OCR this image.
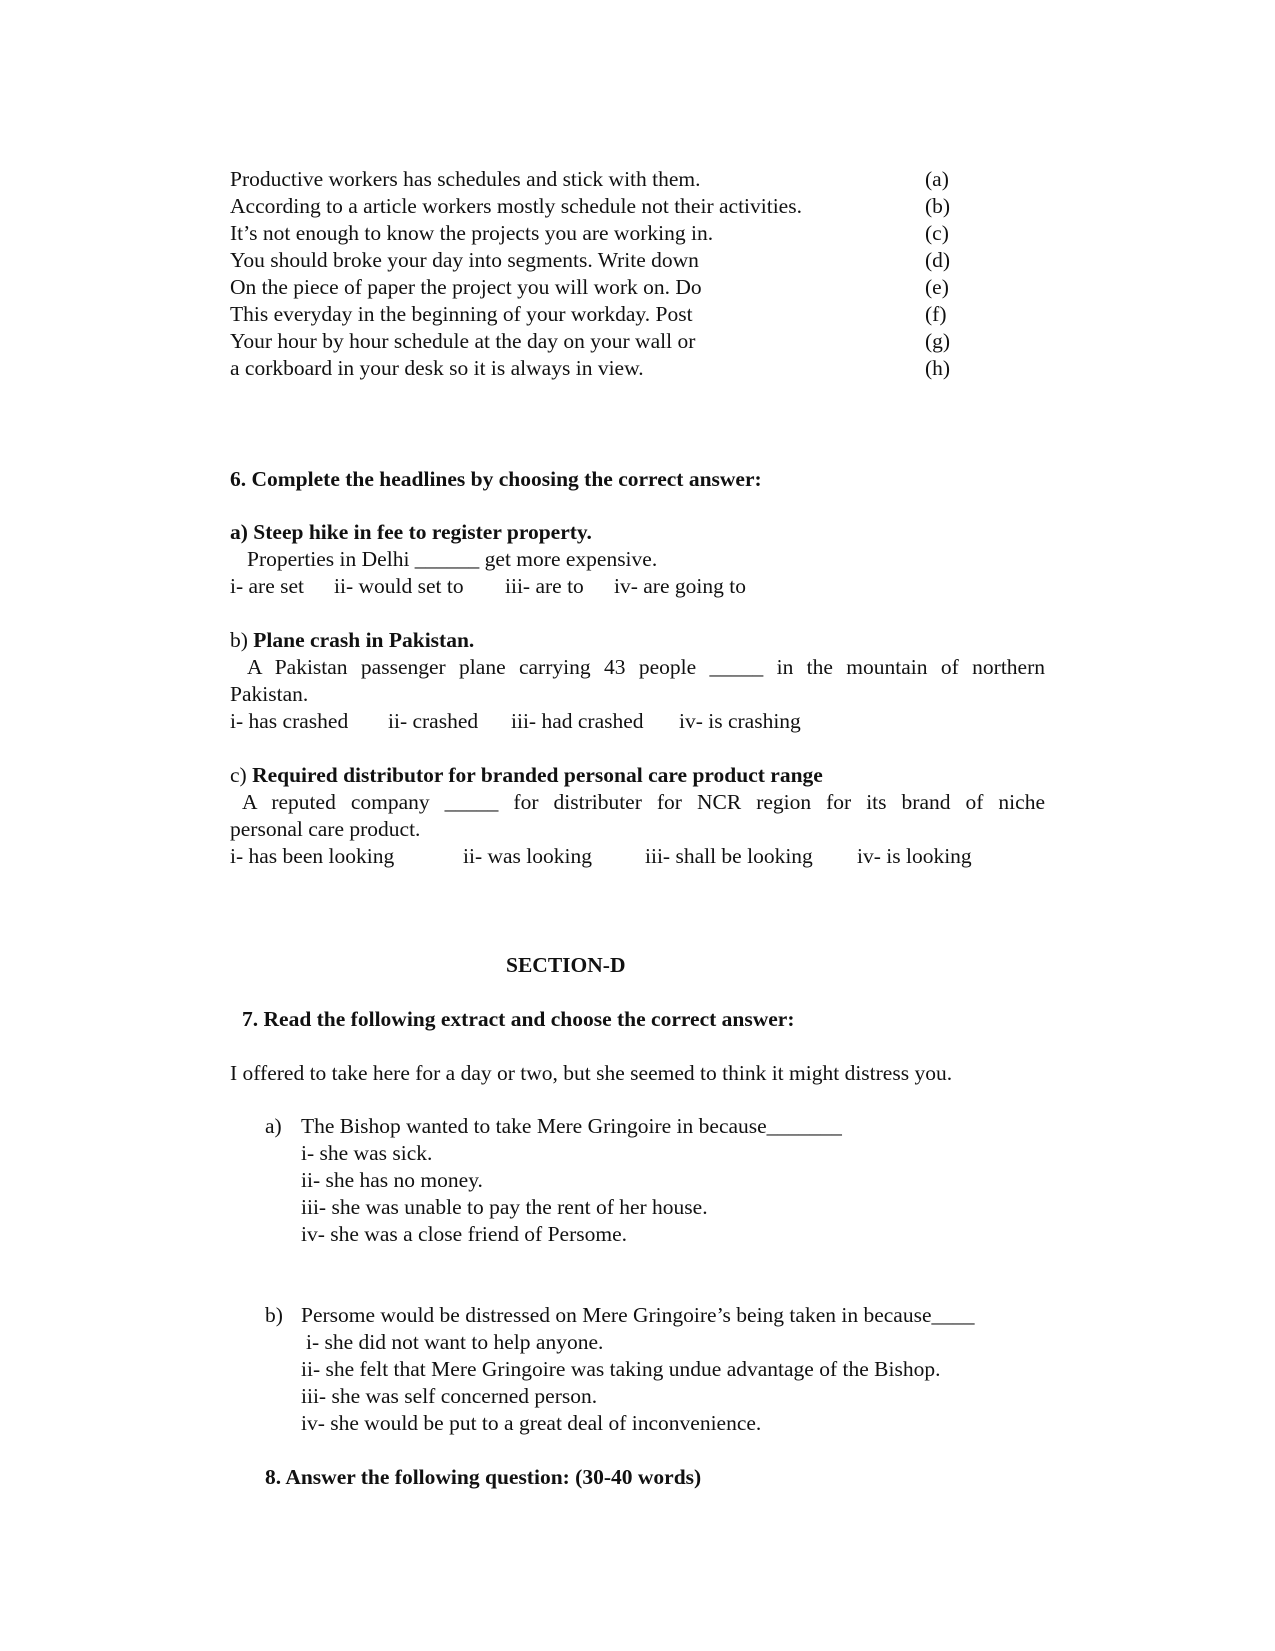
Productive workers has schedules and stick with them.	(a)
According to a article workers mostly schedule not their activities.	(b)
It’s not enough to know the projects you are working in.	(c)
You should broke your day into segments. Write down	(d)
On the piece of paper the project you will work on. Do	(e)
This everyday in the beginning of your workday. Post	(f)
Your hour by hour schedule at the day on your wall or	(g)
a corkboard in your desk so it is always in view.	(h)
6. Complete the headlines by choosing the correct answer:
a) Steep hike in fee to register property.
Properties in Delhi ______ get more expensive.
i- are set ii- would set to iii- are to iv- are going to
b) Plane crash in Pakistan.
A Pakistan passenger plane carrying 43 people _____ in the mountain of northern
Pakistan.
i- has crashed ii- crashed iii- had crashed iv- is crashing
c) Required distributor for branded personal care product range
A reputed company _____ for distributer for NCR region for its brand of niche
personal care product.
i- has been looking	ii- was looking iii- shall be looking iv- is looking
SECTION-D
7. Read the following extract and choose the correct answer:
I offered to take here for a day or two, but she seemed to think it might distress you.
a) The Bishop wanted to take Mere Gringoire in because_______
i- she was sick.
ii- she has no money.
iii- she was unable to pay the rent of her house.
iv- she was a close friend of Persome.
b) Persome would be distressed on Mere Gringoire’s being taken in because____
i- she did not want to help anyone.
ii- she felt that Mere Gringoire was taking undue advantage of the Bishop.
iii- she was self concerned person.
iv- she would be put to a great deal of inconvenience.
8. Answer the following question: (30-40 words)
